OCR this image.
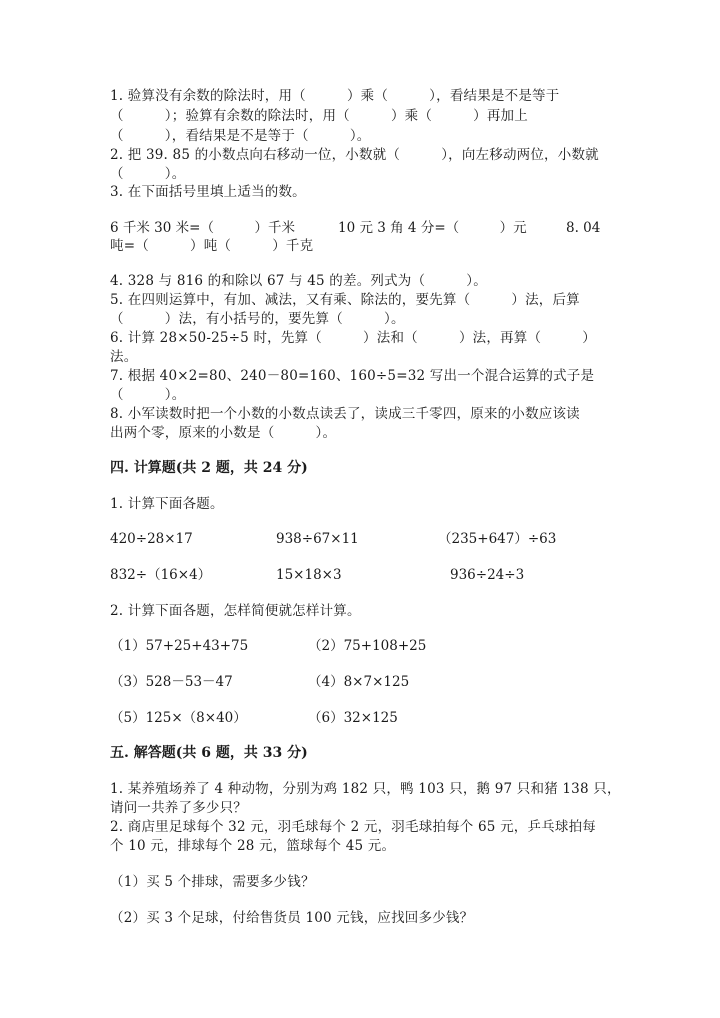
1. 验算没有余数的除法时，用（　　　）乘（　　　），看结果是不是等于
（　　　）；验算有余数的除法时，用（　　　）乘（　　　）再加上
（　　　），看结果是不是等于（　　　）。
2. 把 39. 85 的小数点向右移动一位，小数就（　　　），向左移动两位，小数就
（　　　）。
3. 在下面括号里填上适当的数。
6 千米 30 米=（　　　）千米	10 元 3 角 4 分=（　　　）元	8. 04
吨=（　　　）吨（　　　）千克
4. 328 与 816 的和除以 67 与 45 的差。列式为（　　　）。
5. 在四则运算中，有加、减法，又有乘、除法的，要先算（　　　）法，后算
（　　　）法，有小括号的，要先算（　　　）。
6. 计算 28×50-25÷5 时，先算（　　　）法和（　　　）法，再算（　　　）
法。
7. 根据 40×2=80、240－80=160、160÷5=32 写出一个混合运算的式子是
（　　　）。
8. 小军读数时把一个小数的小数点读丢了，读成三千零四，原来的小数应该读
出两个零，原来的小数是（　　　）。
四. 计算题(共 2 题，共 24 分)
1. 计算下面各题。
420÷28×17	938÷67×11	（235+647）÷63
832÷（16×4）	15×18×3	936÷24÷3
2. 计算下面各题，怎样简便就怎样计算。
（1）57+25+43+75	（2）75+108+25
（3）528－53－47	（4）8×7×125
（5）125×（8×40）	（6）32×125
五. 解答题(共 6 题，共 33 分)
1. 某养殖场养了 4 种动物，分别为鸡 182 只，鸭 103 只，鹅 97 只和猪 138 只，
请问一共养了多少只？
2. 商店里足球每个 32 元，羽毛球每个 2 元，羽毛球拍每个 65 元，乒乓球拍每
个 10 元，排球每个 28 元，篮球每个 45 元。
（1）买 5 个排球，需要多少钱？
（2）买 3 个足球，付给售货员 100 元钱，应找回多少钱？
